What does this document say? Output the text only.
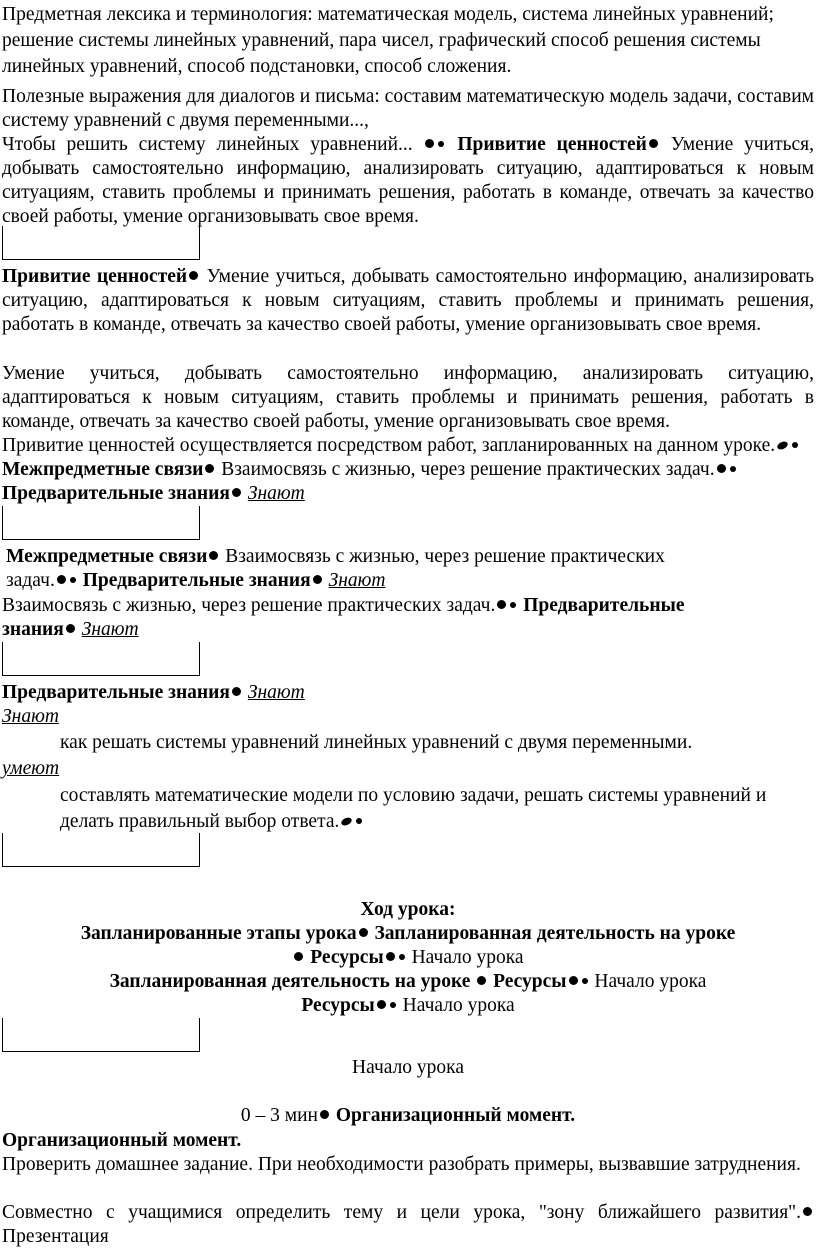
Предметная лексика и терминология: математическая модель, система линейных уравнений; решение системы линейных уравнений, пара чисел, графический способ решения системы линейных уравнений, способ подстановки, способ сложения.

Полезные выражения для диалогов и письма: составим математическую модель задачи, составим систему уравнений с двумя переменными...,

Чтобы решить систему линейных уравнений... Привитие ценностей Умение учиться, добывать самостоятельно информацию, анализировать ситуацию, адаптироваться к новым ситуациям, ставить проблемы и принимать решения, работать в команде, отвечать за качество своей работы, умение организовывать свое время.

Привитие ценностей Умение учиться, добывать самостоятельно информацию, анализировать ситуацию, адаптироваться к новым ситуациям, ставить проблемы и принимать решения, работать в команде, отвечать за качество своей работы, умение организовывать свое время.

Умение учиться, добывать самостоятельно информацию, анализировать ситуацию, адаптироваться к новым ситуациям, ставить проблемы и принимать решения, работать в команде, отвечать за качество своей работы, умение организовывать свое время.

Привитие ценностей осуществляется посредством работ, запланированных на данном уроке. Межпредметные связи Взаимосвязь с жизнью, через решение практических задач. Предварительные знания Знают

Межпредметные связи Взаимосвязь с жизнью, через решение практических задач. Предварительные знания Знают

Взаимосвязь с жизнью, через решение практических задач. Предварительные знания Знают

Предварительные знания Знают

Знают

как решать системы уравнений линейных уравнений с двумя переменными.

умеют

составлять математические модели по условию задачи, решать системы уравнений и делать правильный выбор ответа.

Ход урока:

Запланированные этапы урока Запланированная деятельность на уроке
Ресурсы Начало урока

Запланированная деятельность на уроке Ресурсы Начало урока

Ресурсы Начало урока

Начало урока

0 – 3 мин Организационный момент.

Организационный момент.

Проверить домашнее задание. При необходимости разобрать примеры, вызвавшие затруднения.

Совместно с учащимися определить тему и цели урока, "зону ближайшего развития". Презентация
